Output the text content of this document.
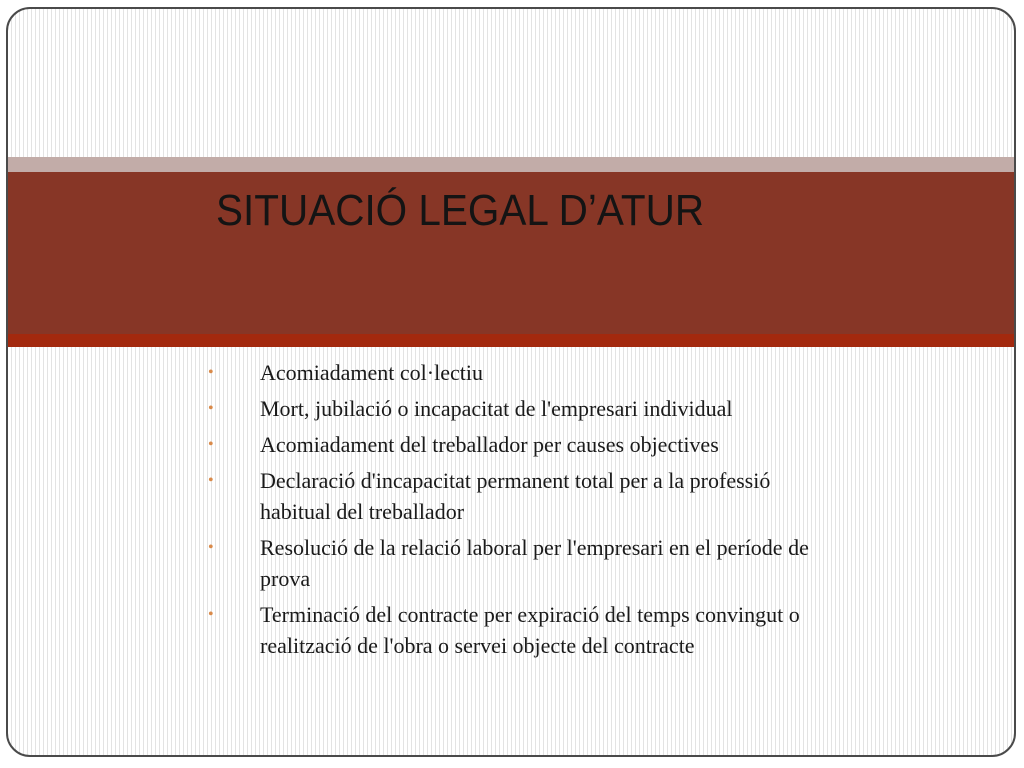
SITUACIÓ LEGAL D’ATUR
• Acomiadament col·lectiu
• Mort, jubilació o incapacitat de l'empresari individual
• Acomiadament del treballador per causes objectives
• Declaració d'incapacitat permanent total per a la professió habitual del treballador
• Resolució de la relació laboral per l'empresari en el període de prova
• Terminació del contracte per expiració del temps convingut o realització de l'obra o servei objecte del contracte
